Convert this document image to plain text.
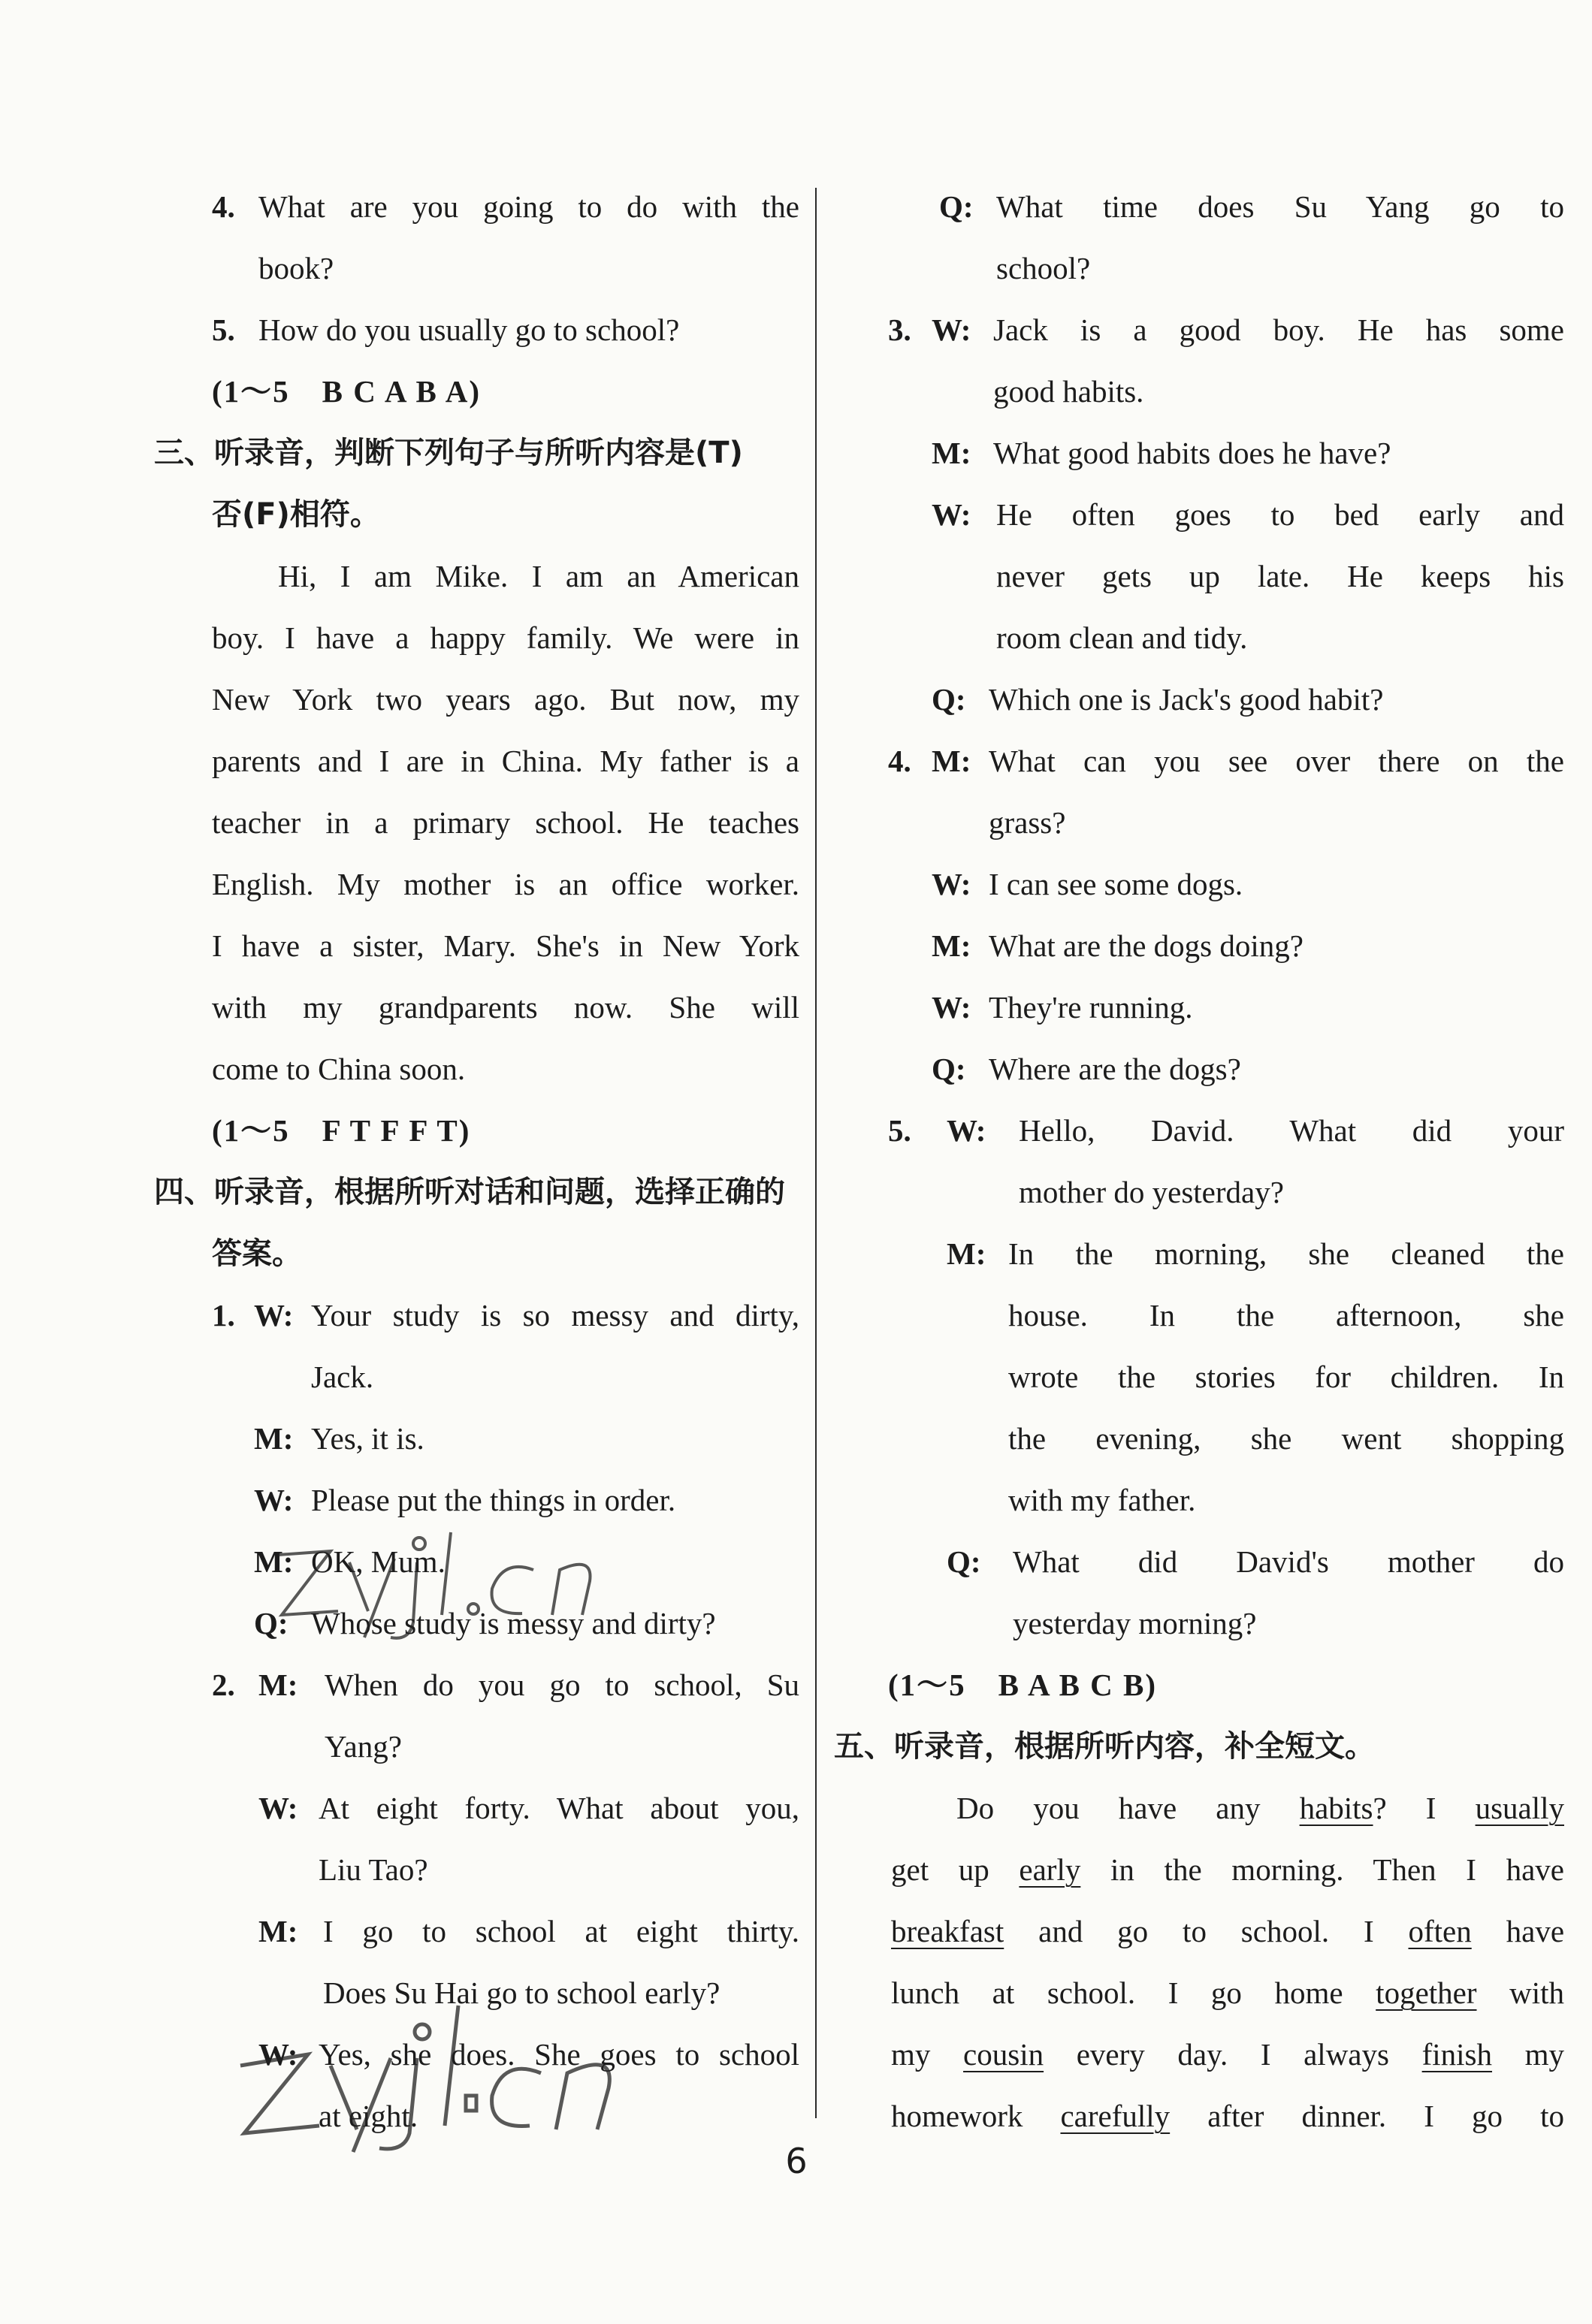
4. What are you going to do with the
book?
5. How do you usually go to school?
(1～5　B C A B A)
三、听录音，判断下列句子与所听内容是(T)
否(F)相符。
Hi, I am Mike. I am an American
boy. I have a happy family. We were in
New York two years ago. But now, my
parents and I are in China. My father is a
teacher in a primary school. He teaches
English. My mother is an office worker.
I have a sister, Mary. She's in New York
with my grandparents now. She will
come to China soon.
(1～5　F T F F T)
四、听录音，根据所听对话和问题，选择正确的
答案。
1. W: Your study is so messy and dirty,
Jack.
M: Yes, it is.
W: Please put the things in order.
M: OK, Mum.
Q: Whose study is messy and dirty?
2. M: When do you go to school, Su
Yang?
W: At eight forty. What about you,
Liu Tao?
M: I go to school at eight thirty.
Does Su Hai go to school early?
W: Yes, she does. She goes to school
at eight.
Q: What time does Su Yang go to
school?
3. W: Jack is a good boy. He has some
good habits.
M: What good habits does he have?
W: He often goes to bed early and
never gets up late. He keeps his
room clean and tidy.
Q: Which one is Jack's good habit?
4. M: What can you see over there on the
grass?
W: I can see some dogs.
M: What are the dogs doing?
W: They're running.
Q: Where are the dogs?
5. W: Hello, David. What did your
mother do yesterday?
M: In the morning, she cleaned the
house. In the afternoon, she
wrote the stories for children. In
the evening, she went shopping
with my father.
Q: What did David's mother do
yesterday morning?
(1～5　B A B C B)
五、听录音，根据所听内容，补全短文。
Do you have any habits? I usually
get up early in the morning. Then I have
breakfast and go to school. I often have
lunch at school. I go home together with
my cousin every day. I always finish my
homework carefully after dinner. I go to
6
